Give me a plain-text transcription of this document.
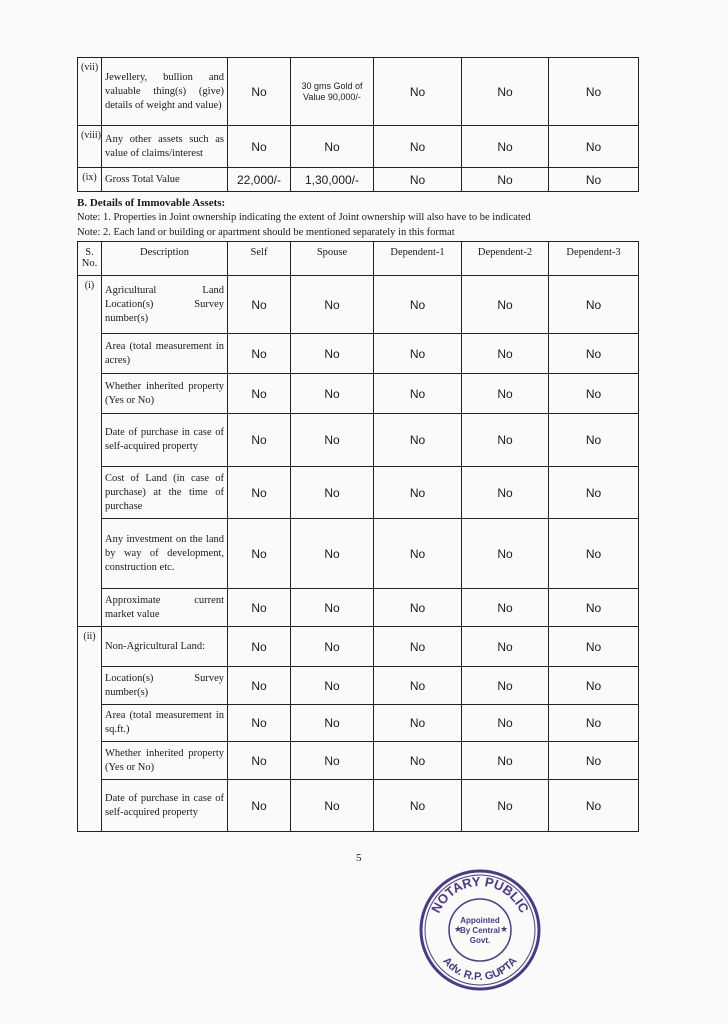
(vii)	Jewellery, bullion and valuable thing(s) (give) details of weight and value)	No	30 gms Gold of Value 90,000/-	No	No	No
(viii)	Any other assets such as value of claims/interest	No	No	No	No	No
(ix)	Gross Total Value	22,000/-	1,30,000/-	No	No	No
B. Details of Immovable Assets:
Note: 1. Properties in Joint ownership indicating the extent of Joint ownership will also have to be indicated
Note: 2. Each land or building or apartment should be mentioned separately in this format
S. No.	Description	Self	Spouse	Dependent-1	Dependent-2	Dependent-3
(i)	Agricultural Land Location(s) Survey number(s)	No	No	No	No	No
	Area (total measurement in acres)	No	No	No	No	No
	Whether inherited property (Yes or No)	No	No	No	No	No
	Date of purchase in case of self-acquired property	No	No	No	No	No
	Cost of Land (in case of purchase) at the time of purchase	No	No	No	No	No
	Any investment on the land by way of development, construction etc.	No	No	No	No	No
	Approximate current market value	No	No	No	No	No
(ii)	Non-Agricultural Land:	No	No	No	No	No
	Location(s) Survey number(s)	No	No	No	No	No
	Area (total measurement in sq.ft.)	No	No	No	No	No
	Whether inherited property (Yes or No)	No	No	No	No	No
	Date of purchase in case of self-acquired property	No	No	No	No	No
5
NOTARY PUBLIC
Adv. R.P. GUPTA
Appointed
By Central
Govt.
★	★
